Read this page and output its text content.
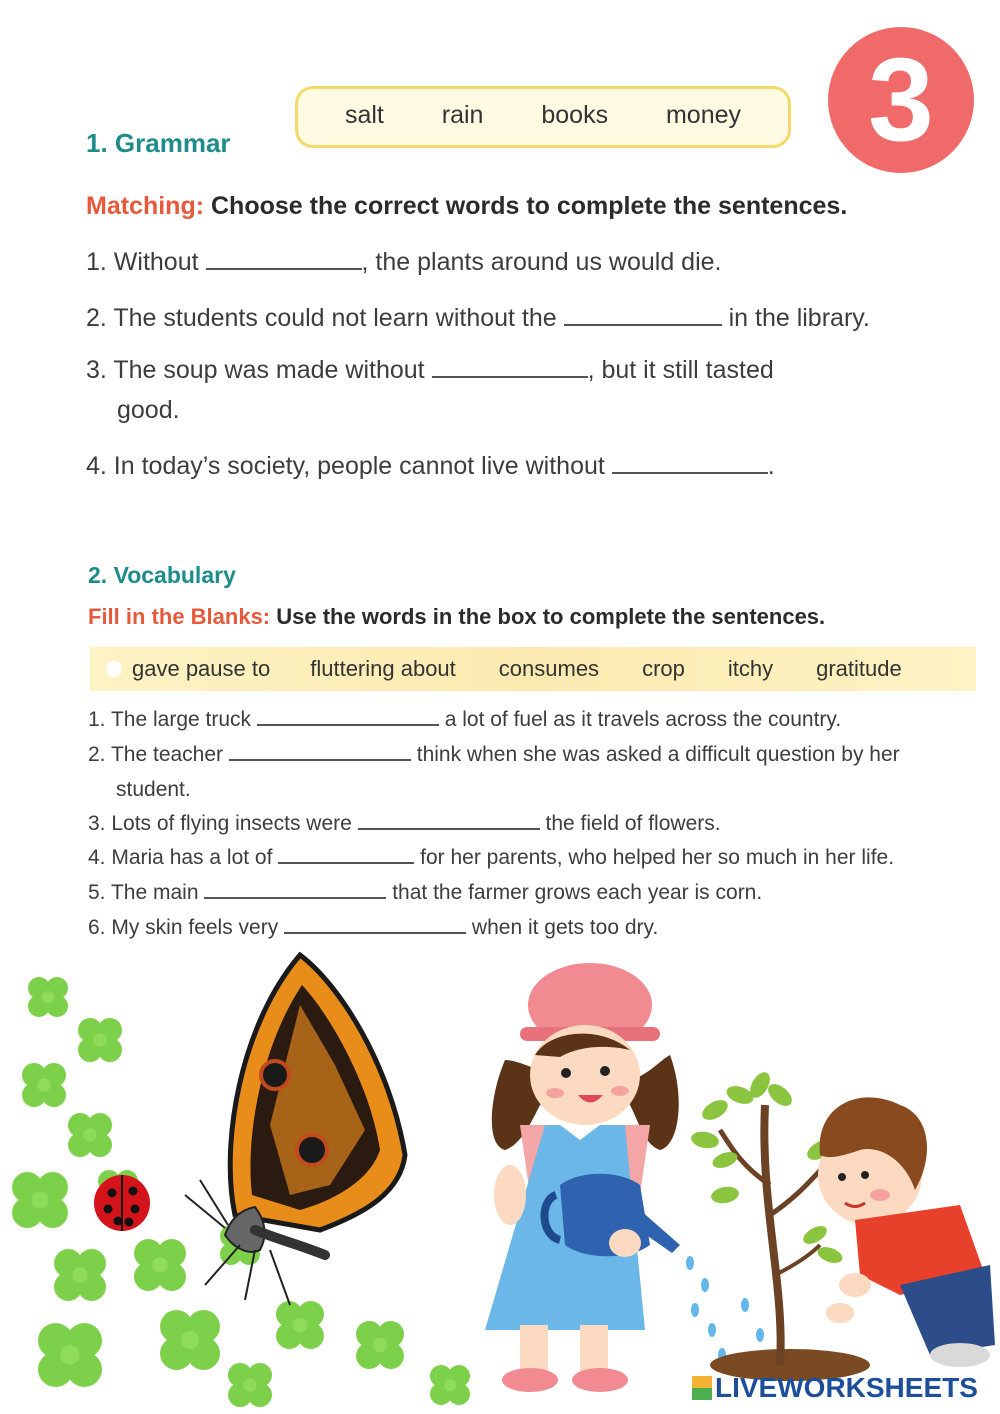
salt rain books money	3
1. Grammar
Matching: Choose the correct words to complete the sentences.
1. Without	, the plants around us would die.
2. The students could not learn without the	in the library.
3. The soup was made without	, but it still tasted
good.
4. In today’s society, people cannot live without	.
2. Vocabulary
Fill in the Blanks: Use the words in the box to complete the sentences.
gave pause to fluttering about consumes crop itchy gratitude
1. The large truck	a lot of fuel as it travels across the country.
2. The teacher	think when she was asked a difficult question by her
student.
3. Lots of flying insects were	the field of flowers.
4. Maria has a lot of	for her parents, who helped her so much in her life.
5. The main	that the farmer grows each year is corn.
6. My skin feels very	when it gets too dry.
LIVEWORKSHEETS
